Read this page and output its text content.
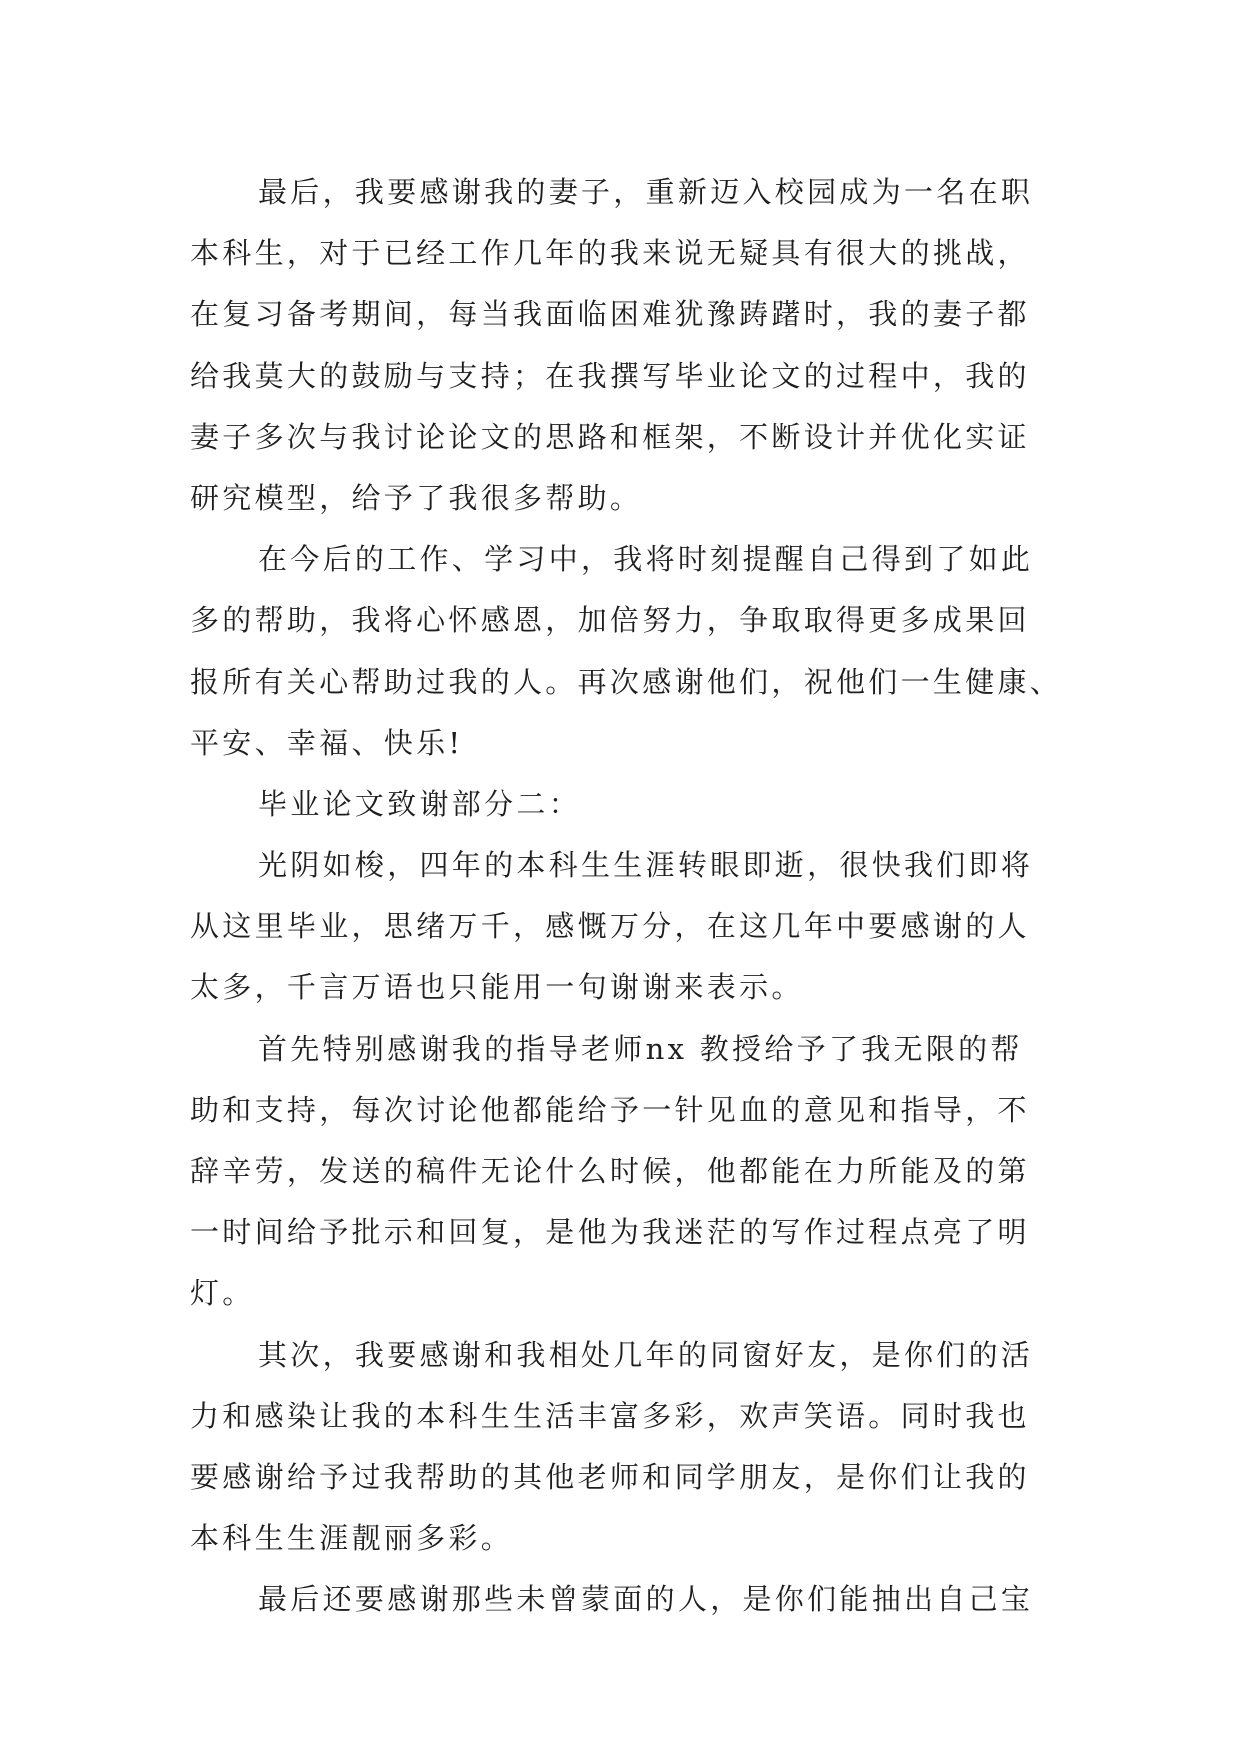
最后，我要感谢我的妻子，重新迈入校园成为一名在职
本科生，对于已经工作几年的我来说无疑具有很大的挑战，
在复习备考期间，每当我面临困难犹豫踌躇时，我的妻子都
给我莫大的鼓励与支持；在我撰写毕业论文的过程中，我的
妻子多次与我讨论论文的思路和框架，不断设计并优化实证
研究模型，给予了我很多帮助。
在今后的工作、学习中，我将时刻提醒自己得到了如此
多的帮助，我将心怀感恩，加倍努力，争取取得更多成果回
报所有关心帮助过我的人。再次感谢他们，祝他们一生健康、
平安、幸福、快乐!
毕业论文致谢部分二：
光阴如梭，四年的本科生生涯转眼即逝，很快我们即将
从这里毕业，思绪万千，感慨万分，在这几年中要感谢的人
太多，千言万语也只能用一句谢谢来表示。
首先特别感谢我的指导老师nx 教授给予了我无限的帮
助和支持，每次讨论他都能给予一针见血的意见和指导，不
辞辛劳，发送的稿件无论什么时候，他都能在力所能及的第
一时间给予批示和回复，是他为我迷茫的写作过程点亮了明
灯。
其次，我要感谢和我相处几年的同窗好友，是你们的活
力和感染让我的本科生生活丰富多彩，欢声笑语。同时我也
要感谢给予过我帮助的其他老师和同学朋友，是你们让我的
本科生生涯靓丽多彩。
最后还要感谢那些未曾蒙面的人，是你们能抽出自己宝
